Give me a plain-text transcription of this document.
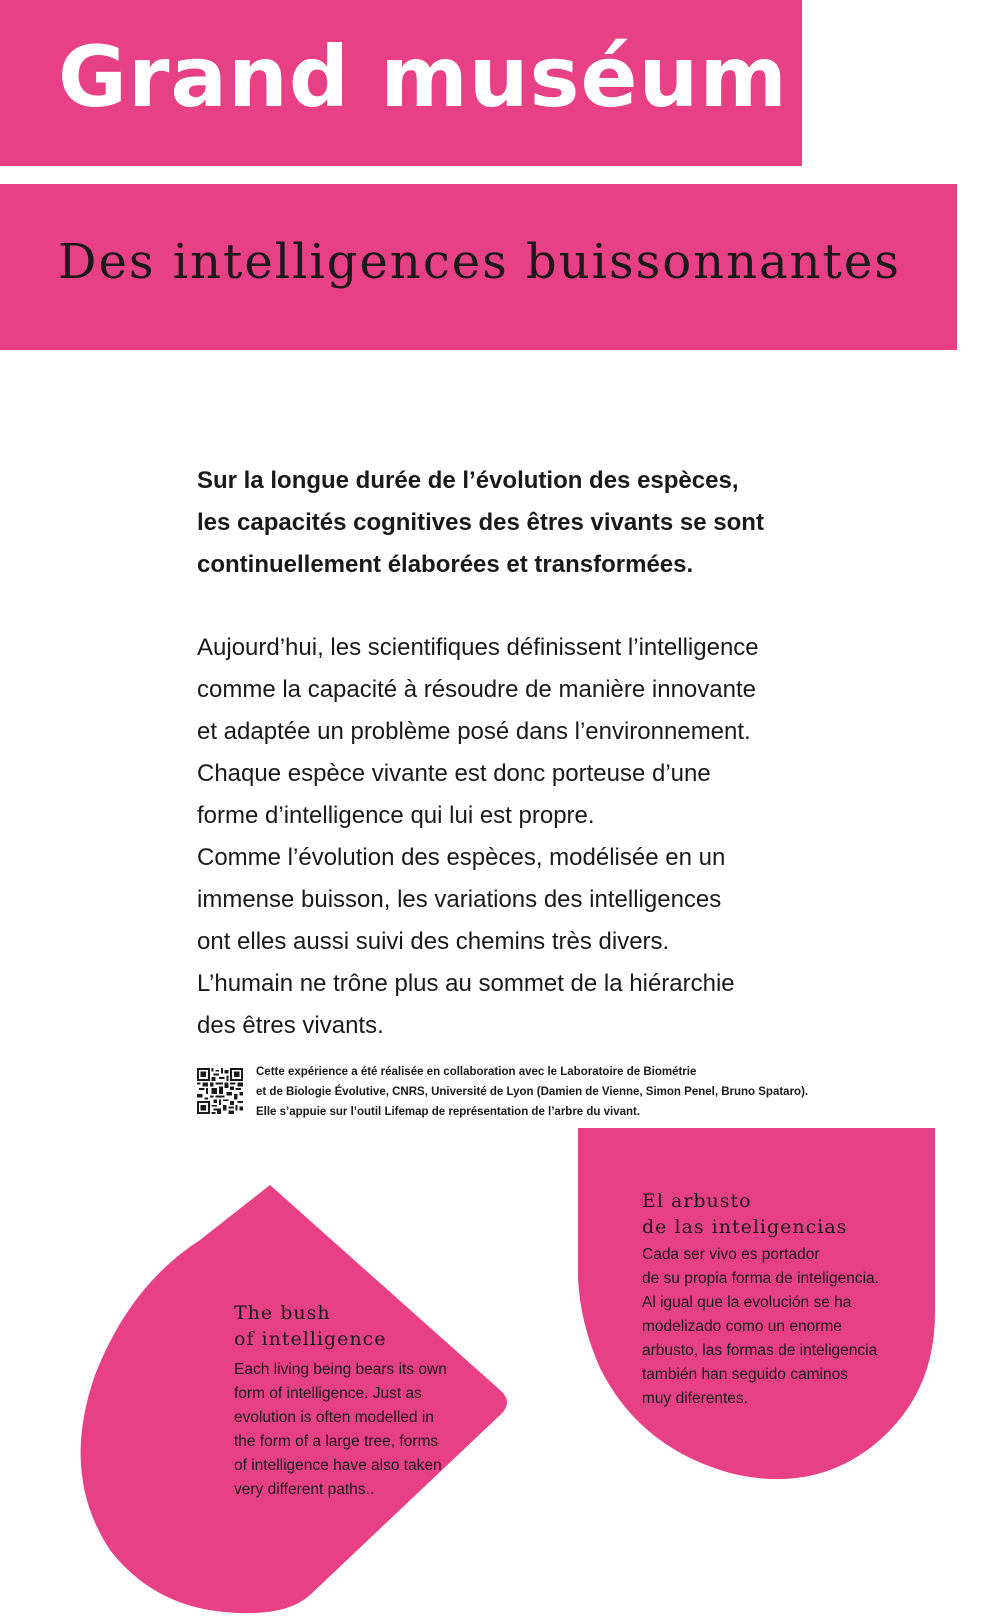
Grand muséum
Des intelligences buissonnantes
Sur la longue durée de l’évolution des espèces,
les capacités cognitives des êtres vivants se sont
continuellement élaborées et transformées.
Aujourd’hui, les scientifiques définissent l’intelligence
comme la capacité à résoudre de manière innovante
et adaptée un problème posé dans l’environnement.
Chaque espèce vivante est donc porteuse d’une
forme d’intelligence qui lui est propre.
Comme l’évolution des espèces, modélisée en un
immense buisson, les variations des intelligences
ont elles aussi suivi des chemins très divers.
L’humain ne trône plus au sommet de la hiérarchie
des êtres vivants.
Cette expérience a été réalisée en collaboration avec le Laboratoire de Biométrie
et de Biologie Évolutive, CNRS, Université de Lyon (Damien de Vienne, Simon Penel, Bruno Spataro).
Elle s’appuie sur l’outil Lifemap de représentation de l’arbre du vivant.
The bush
of intelligence
Each living being bears its own
form of intelligence. Just as
evolution is often modelled in
the form of a large tree, forms
of intelligence have also taken
very different paths..
El arbusto
de las inteligencias
Cada ser vivo es portador
de su propia forma de inteligencia.
Al igual que la evolución se ha
modelizado como un enorme
arbusto, las formas de inteligencia
también han seguido caminos
muy diferentes.
